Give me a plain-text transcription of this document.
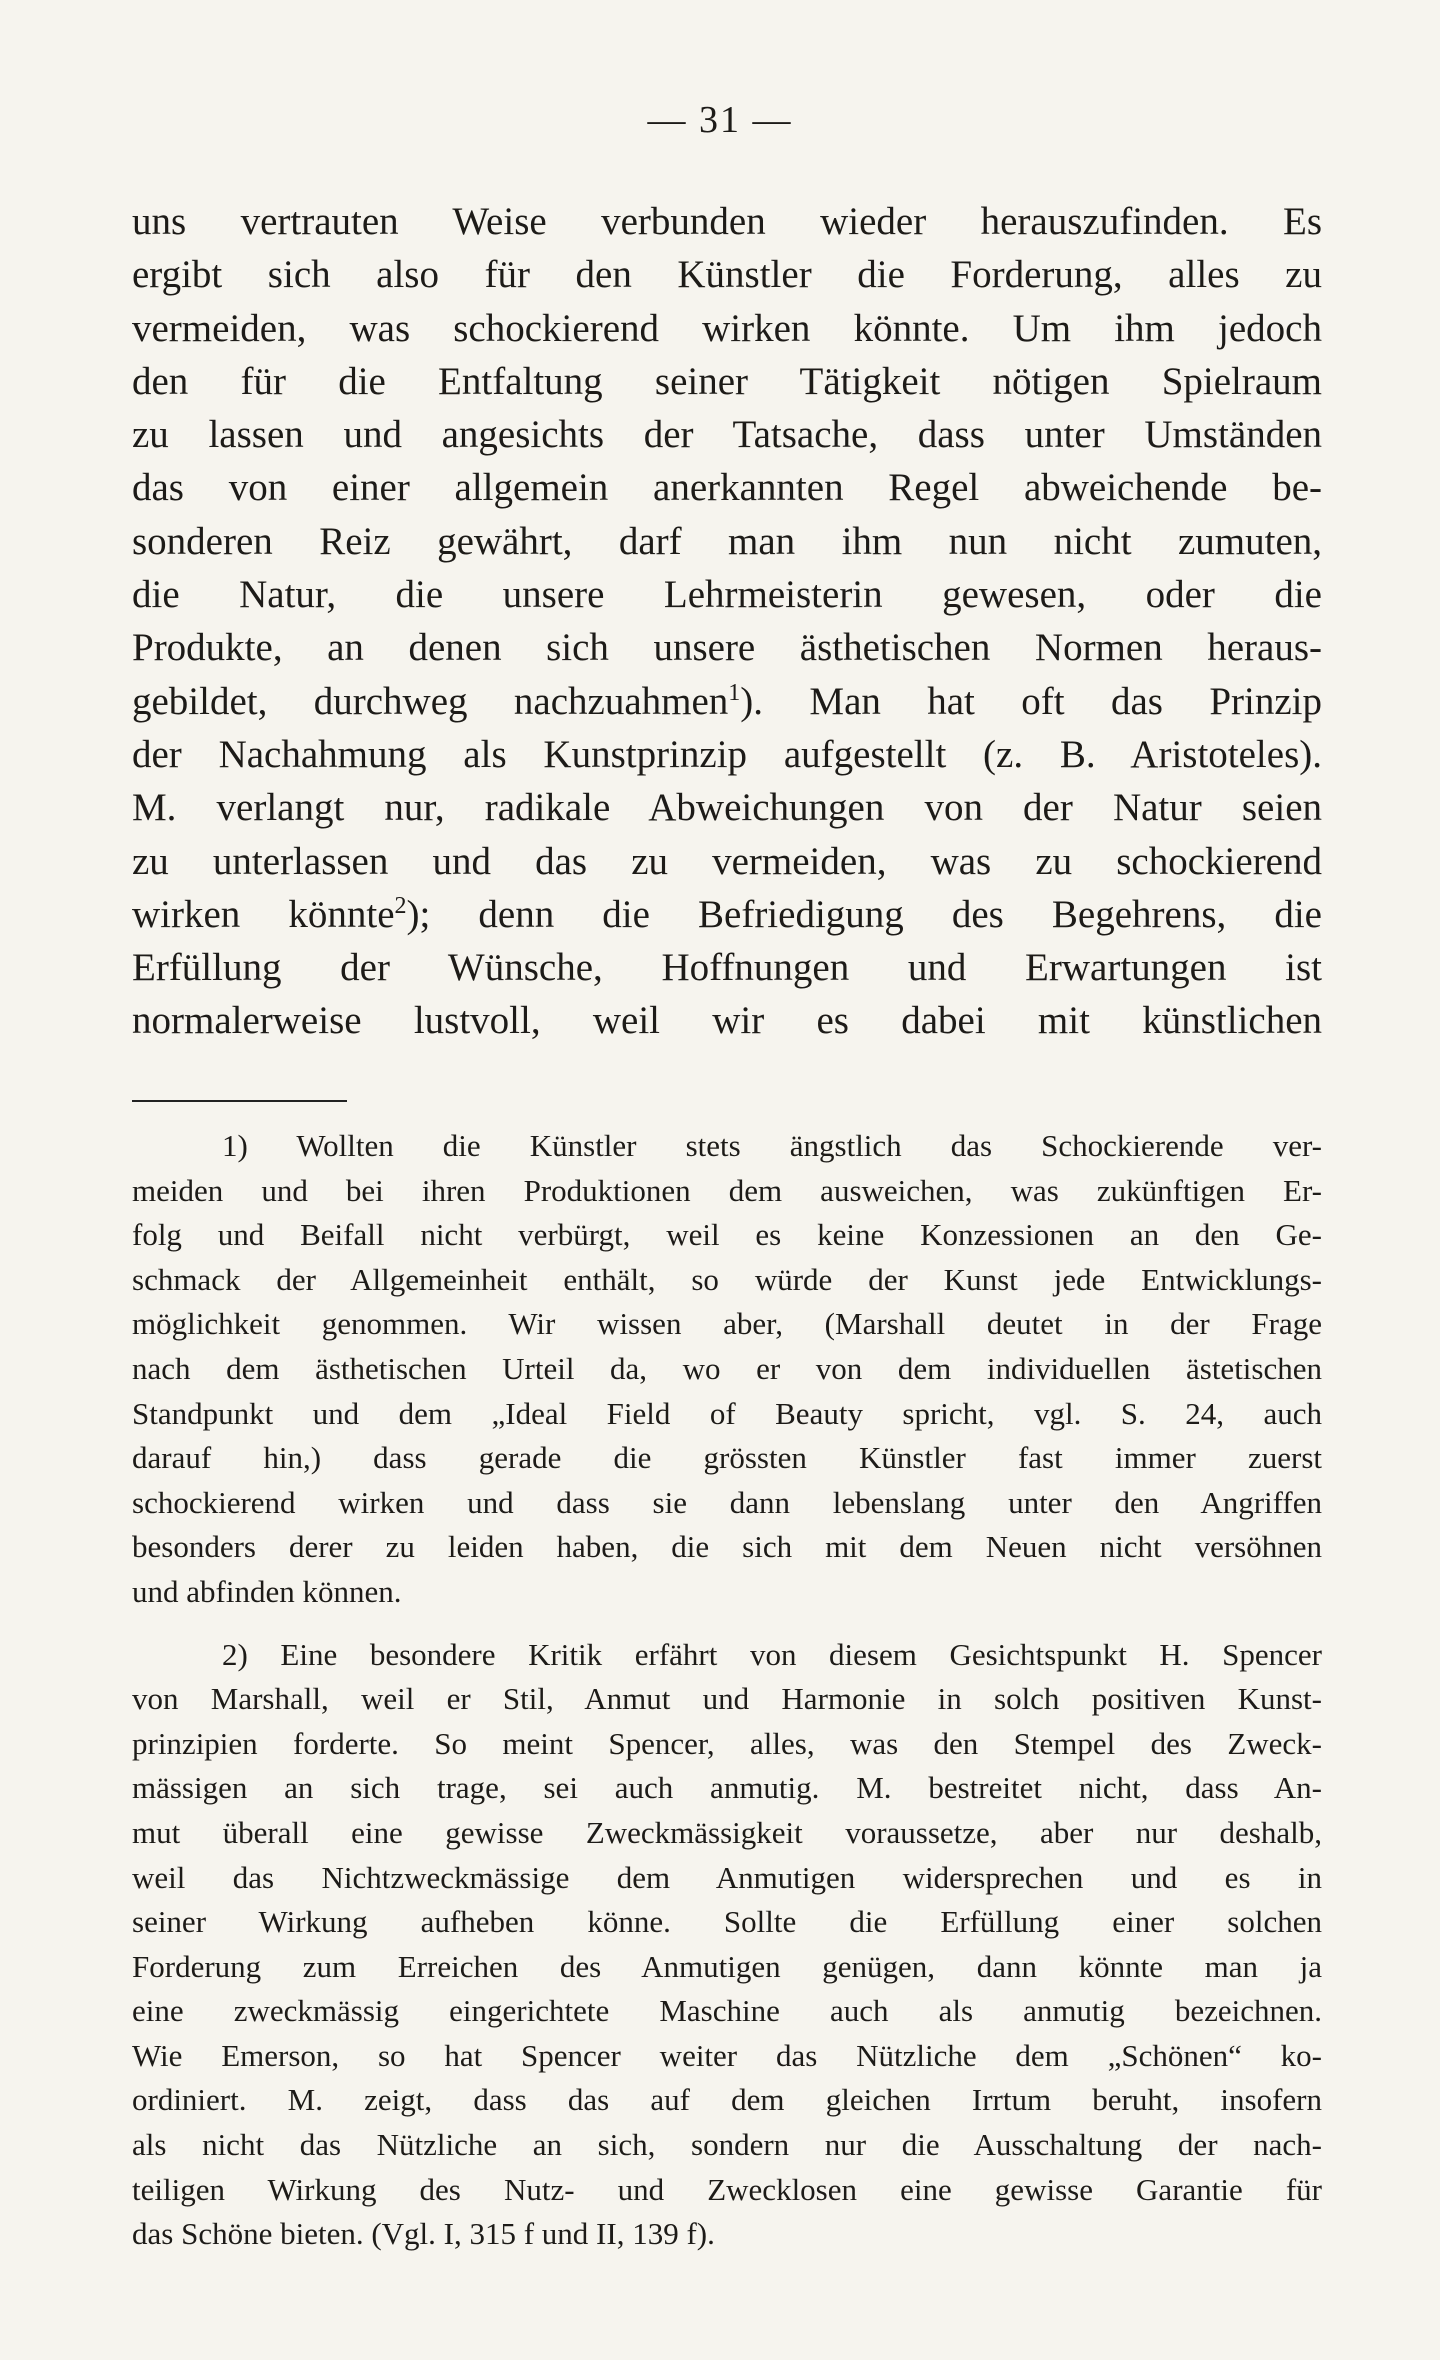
— 31 —
uns vertrauten Weise verbunden wieder herauszufinden. Es
ergibt sich also für den Künstler die Forderung, alles zu
vermeiden, was schockierend wirken könnte. Um ihm jedoch
den für die Entfaltung seiner Tätigkeit nötigen Spielraum
zu lassen und angesichts der Tatsache, dass unter Umständen
das von einer allgemein anerkannten Regel abweichende be-
sonderen Reiz gewährt, darf man ihm nun nicht zumuten,
die Natur, die unsere Lehrmeisterin gewesen, oder die
Produkte, an denen sich unsere ästhetischen Normen heraus-
gebildet, durchweg nachzuahmen$^1$). Man hat oft das Prinzip
der Nachahmung als Kunstprinzip aufgestellt (z. B. Aristoteles).
M. verlangt nur, radikale Abweichungen von der Natur seien
zu unterlassen und das zu vermeiden, was zu schockierend
wirken könnte$^2$); denn die Befriedigung des Begehrens, die
Erfüllung der Wünsche, Hoffnungen und Erwartungen ist
normalerweise lustvoll, weil wir es dabei mit künstlichen
1) Wollten die Künstler stets ängstlich das Schockierende ver-
meiden und bei ihren Produktionen dem ausweichen, was zukünftigen Er-
folg und Beifall nicht verbürgt, weil es keine Konzessionen an den Ge-
schmack der Allgemeinheit enthält, so würde der Kunst jede Entwicklungs-
möglichkeit genommen. Wir wissen aber, (Marshall deutet in der Frage
nach dem ästhetischen Urteil da, wo er von dem individuellen ästetischen
Standpunkt und dem „Ideal Field of Beauty spricht, vgl. S. 24, auch
darauf hin,) dass gerade die grössten Künstler fast immer zuerst
schockierend wirken und dass sie dann lebenslang unter den Angriffen
besonders derer zu leiden haben, die sich mit dem Neuen nicht versöhnen
und abfinden können.
2) Eine besondere Kritik erfährt von diesem Gesichtspunkt H. Spencer
von Marshall, weil er Stil, Anmut und Harmonie in solch positiven Kunst-
prinzipien forderte. So meint Spencer, alles, was den Stempel des Zweck-
mässigen an sich trage, sei auch anmutig. M. bestreitet nicht, dass An-
mut überall eine gewisse Zweckmässigkeit voraussetze, aber nur deshalb,
weil das Nichtzweckmässige dem Anmutigen widersprechen und es in
seiner Wirkung aufheben könne. Sollte die Erfüllung einer solchen
Forderung zum Erreichen des Anmutigen genügen, dann könnte man ja
eine zweckmässig eingerichtete Maschine auch als anmutig bezeichnen.
Wie Emerson, so hat Spencer weiter das Nützliche dem „Schönen“ ko-
ordiniert. M. zeigt, dass das auf dem gleichen Irrtum beruht, insofern
als nicht das Nützliche an sich, sondern nur die Ausschaltung der nach-
teiligen Wirkung des Nutz- und Zwecklosen eine gewisse Garantie für
das Schöne bieten. (Vgl. I, 315 f und II, 139 f).
